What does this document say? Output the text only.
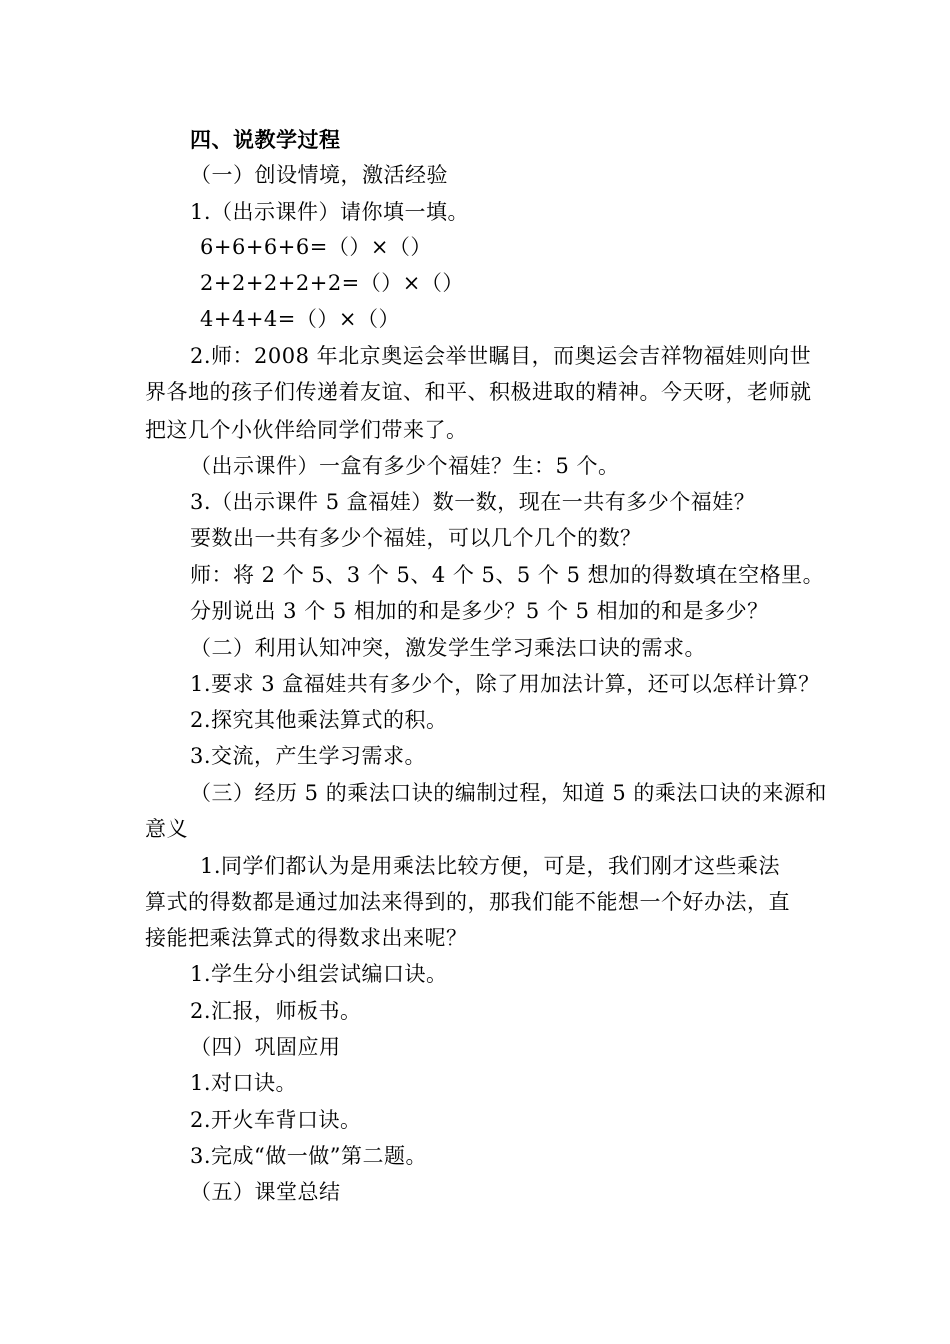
四、说教学过程
（一）创设情境，激活经验
1.（出示课件）请你填一填。
6+6+6+6=（）×（）
2+2+2+2+2=（）×（）
4+4+4=（）×（）
2.师：2008 年北京奥运会举世瞩目，而奥运会吉祥物福娃则向世
界各地的孩子们传递着友谊、和平、积极进取的精神。今天呀，老师就
把这几个小伙伴给同学们带来了。
（出示课件）一盒有多少个福娃？生：5 个。
3.（出示课件 5 盒福娃）数一数，现在一共有多少个福娃？
要数出一共有多少个福娃，可以几个几个的数？
师：将 2 个 5、3 个 5、4 个 5、5 个 5 想加的得数填在空格里。
分别说出 3 个 5 相加的和是多少？5 个 5 相加的和是多少？
（二）利用认知冲突，激发学生学习乘法口诀的需求。
1.要求 3 盒福娃共有多少个，除了用加法计算，还可以怎样计算？
2.探究其他乘法算式的积。
3.交流，产生学习需求。
（三）经历 5 的乘法口诀的编制过程，知道 5 的乘法口诀的来源和
意义
1.同学们都认为是用乘法比较方便，可是，我们刚才这些乘法
算式的得数都是通过加法来得到的，那我们能不能想一个好办法，直
接能把乘法算式的得数求出来呢？
1.学生分小组尝试编口诀。
2.汇报，师板书。
（四）巩固应用
1.对口诀。
2.开火车背口诀。
3.完成“做一做”第二题。
（五）课堂总结
